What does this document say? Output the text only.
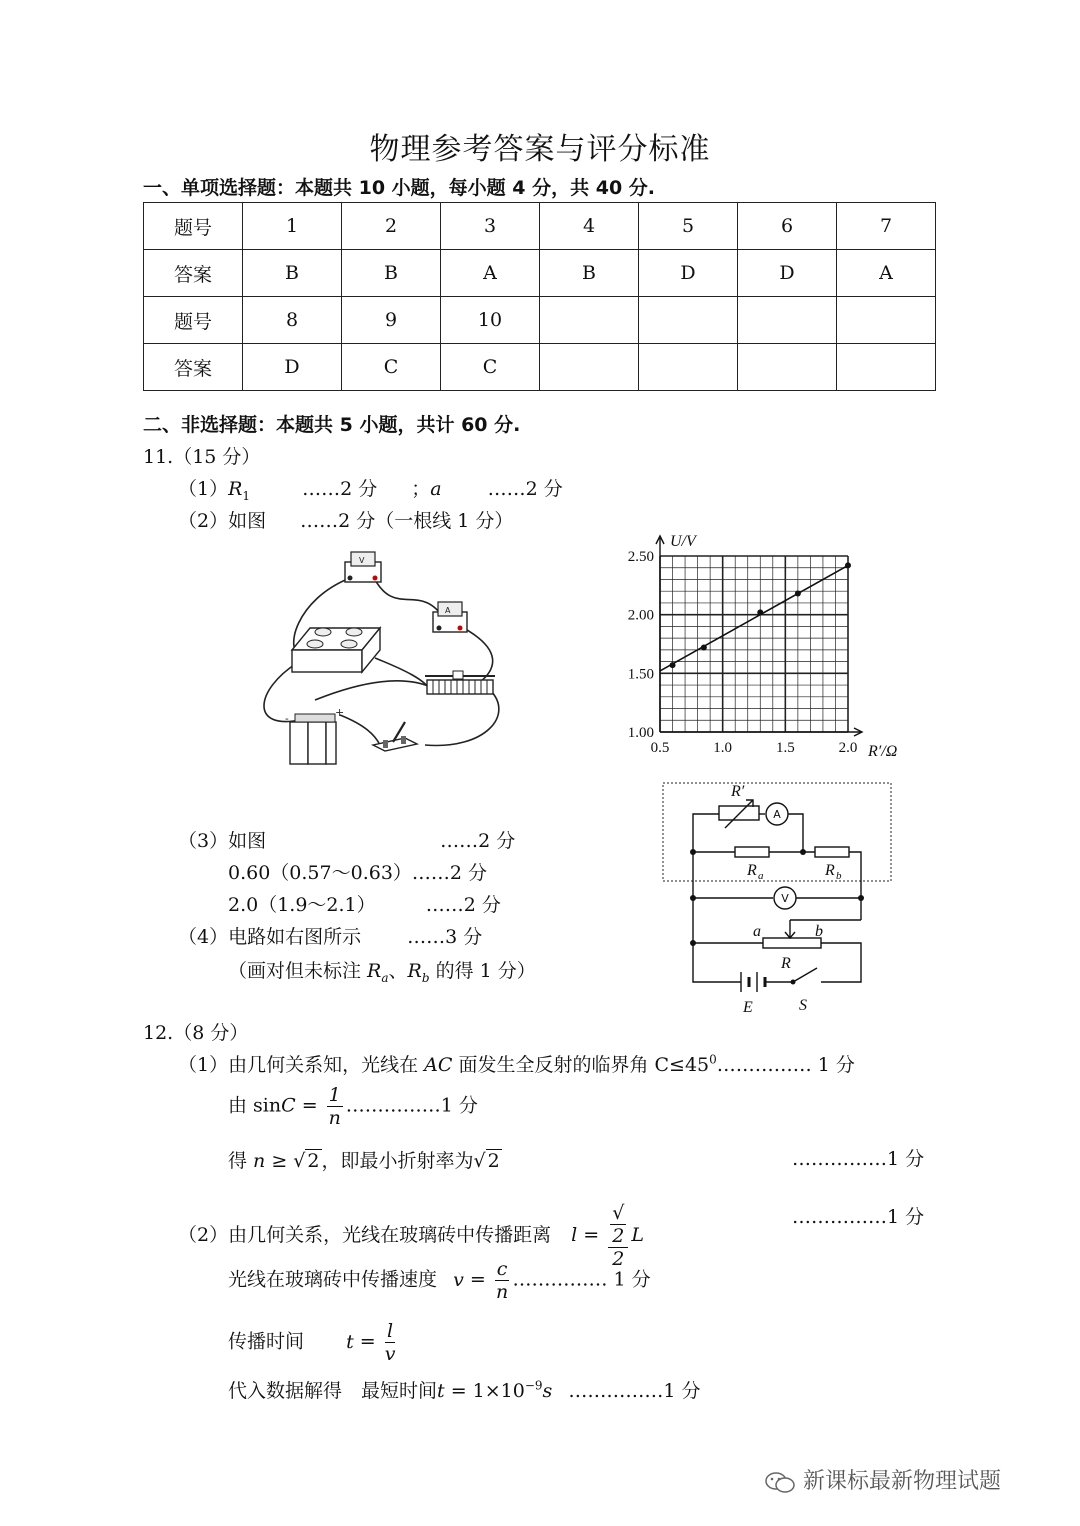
物理参考答案与评分标准
一、单项选择题：本题共 10 小题，每小题 4 分，共 40 分.
题号	1	2	3	4	5	6	7
答案	B	B	A	B	D	D	A
题号	8	9	10				
答案	D	C	C				
二、非选择题：本题共 5 小题，共计 60 分.
11.（15 分）
$(1)R_1$	……2 分 ；a ……2 分
（2）如图 ……2 分（一根线 1 分）
V
A
-	+
2.50
2.00
1.50
1.00
0.5	1.0	1.5	2.0
U/V
R′/Ω
（3）如图	……2 分
0.60（0.57～0.63）……2 分
2.0（1.9～2.1）	……2 分
（4）电路如右图所示 ……3 分
（画对但未标注 $R_a$、$R_b$ 的得 1 分）
R′
R a	R b
a	b
R
E	S
A
V
12.（8 分）
（1）由几何关系知，光线在 AC 面发生全反射的临界角 $C\le 45^0\dots\dots\dots\dots\dots$ 1 分
由 $\sin C = \frac{1}{n}$ ……………1 分
得 n ≥ √ 2 ，即最小折射率为√ 2	……………1 分
（2）由几何关系，光线在玻璃砖中传播距离 l = √
2
2 L
……………1 分
光线在玻璃砖中传播速度 $v = \frac{c}{n}$ …………… 1 分
传播时间 $t = \frac{l}{v}$
代入数据解得　最短时间$t = 1\times 10^{-9}s$ ……………1 分
新课标最新物理试题
